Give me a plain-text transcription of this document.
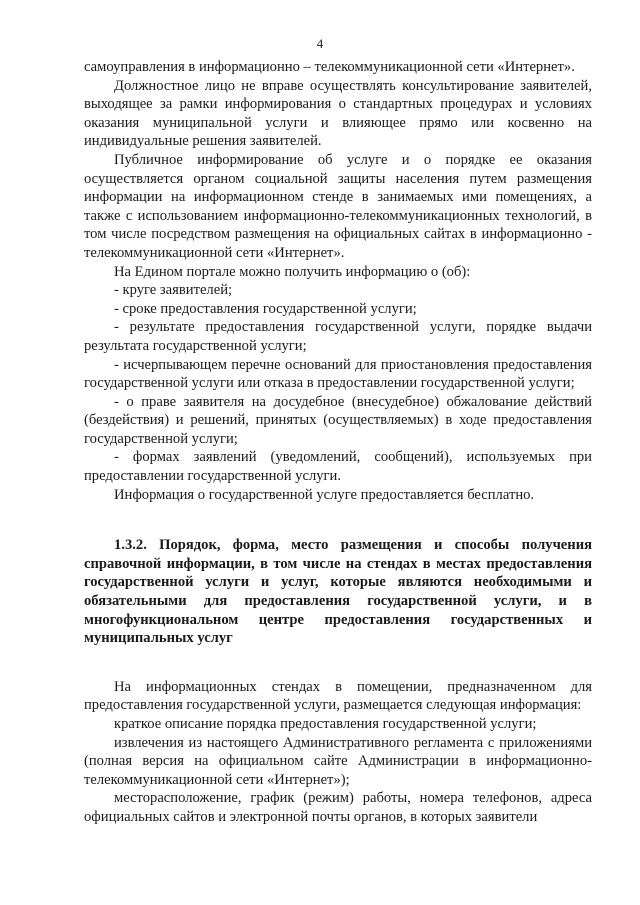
4

самоуправления в информационно – телекоммуникационной сети «Интернет».

Должностное лицо не вправе осуществлять консультирование заявителей, выходящее за рамки информирования о стандартных процедурах и условиях оказания муниципальной услуги и влияющее прямо или косвенно на индивидуальные решения заявителей.

Публичное информирование об услуге и о порядке ее оказания осуществляется органом социальной защиты населения путем размещения информации на информационном стенде в занимаемых ими помещениях, а также с использованием информационно-телекоммуникационных технологий, в том числе посредством размещения на официальных сайтах в информационно - телекоммуникационной сети «Интернет».

На Едином портале можно получить информацию о (об):

- круге заявителей;

- сроке предоставления государственной услуги;

- результате предоставления государственной услуги, порядке выдачи результата государственной услуги;

- исчерпывающем перечне оснований для приостановления предоставления государственной услуги или отказа в предоставлении государственной услуги;

- о праве заявителя на досудебное (внесудебное) обжалование действий (бездействия) и решений, принятых (осуществляемых) в ходе предоставления государственной услуги;

- формах заявлений (уведомлений, сообщений), используемых при предоставлении государственной услуги.

Информация о государственной услуге предоставляется бесплатно.

1.3.2. Порядок, форма, место размещения и способы получения справочной информации, в том числе на стендах в местах предоставления государственной услуги и услуг, которые являются необходимыми и обязательными для предоставления государственной услуги, и в многофункциональном центре предоставления государственных и муниципальных услуг

На информационных стендах в помещении, предназначенном для предоставления государственной услуги, размещается следующая информация:

краткое описание порядка предоставления государственной услуги;

извлечения из настоящего Административного регламента с приложениями (полная версия на официальном сайте Администрации в информационно-телекоммуникационной сети «Интернет»);

месторасположение, график (режим) работы, номера телефонов, адреса официальных сайтов и электронной почты органов, в которых заявители
